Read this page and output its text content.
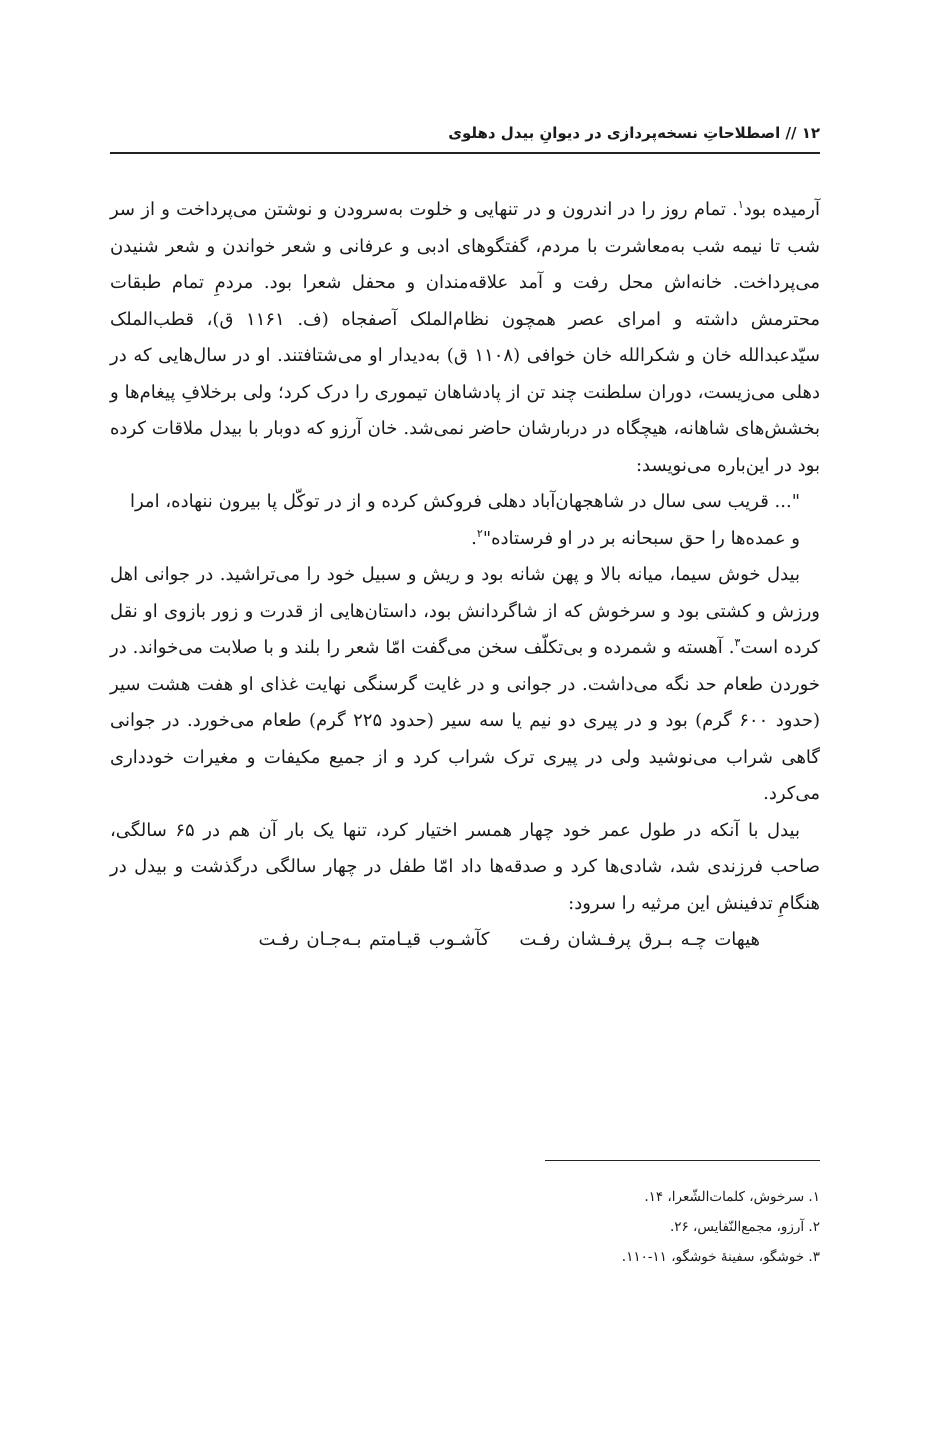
۱۲ // اصطلاحاتِ نسخه‌پردازی در دیوانِ بیدل دهلوی

آرمیده بود$^۱$. تمام روز را در اندرون و در تنهایی و خلوت به‌سرودن و نوشتن می‌پرداخت و از سر شب تا نیمه شب به‌معاشرت با مردم، گفتگوهای ادبی و عرفانی و شعر خواندن و شعر شنیدن می‌پرداخت. خانه‌اش محل رفت و آمد علاقه‌مندان و محفل شعرا بود. مردمِ تمام طبقات محترمش داشته و امرای عصر همچون نظام‌الملک آصفجاه (ف. ۱۱۶۱ ق)، قطب‌الملک سیّدعبدالله خان و شکرالله خان خوافی (۱۱۰۸ ق) به‌دیدار او می‌شتافتند. او در سال‌هایی که در دهلی می‌زیست، دوران سلطنت چند تن از پادشاهان تیموری را درک کرد؛ ولی برخلافِ پیغام‌ها و بخشش‌های شاهانه، هیچگاه در دربارشان حاضر نمی‌شد. خان آرزو که دوبار با بیدل ملاقات کرده بود در این‌باره می‌نویسد:

"... قریب سی سال در شاهجهان‌آباد دهلی فروکش کرده و از در توکّل پا بیرون ننهاده، امرا و عمده‌ها را حق سبحانه بر در او فرستاده"$^۲$.

بیدل خوش سیما، میانه بالا و پهن شانه بود و ریش و سبیل خود را می‌تراشید. در جوانی اهل ورزش و کشتی بود و سرخوش که از شاگردانش بود، داستان‌هایی از قدرت و زور بازوی او نقل کرده است$^۳$. آهسته و شمرده و بی‌تکلّف سخن می‌گفت امّا شعر را بلند و با صلابت می‌خواند. در خوردن طعام حد نگه می‌داشت. در جوانی و در غایت گرسنگی نهایت غذای او هفت هشت سیر (حدود ۶۰۰ گرم) بود و در پیری دو نیم یا سه سیر (حدود ۲۲۵ گرم) طعام می‌خورد. در جوانی گاهی شراب می‌نوشید ولی در پیری ترک شراب کرد و از جمیع مکیفات و مغیرات خودداری می‌کرد.

بیدل با آنکه در طول عمر خود چهار همسر اختیار کرد، تنها یک بار آن هم در ۶۵ سالگی، صاحب فرزندی شد، شادی‌ها کرد و صدقه‌ها داد امّا طفل در چهار سالگی درگذشت و بیدل در هنگامِ تدفینش این مرثیه را سرود:

هیهات چـه بـرق پرفـشان رفـتکآشـوب قیـامتم بـه‌جـان رفـت

۱. سرخوش، کلمات‌الشّعرا، ۱۴.
۲. آرزو، مجمع‌النّفایس، ۲۶.
۳. خوشگو، سفینهٔ خوشگو، ۱۱-۱۱۰.
